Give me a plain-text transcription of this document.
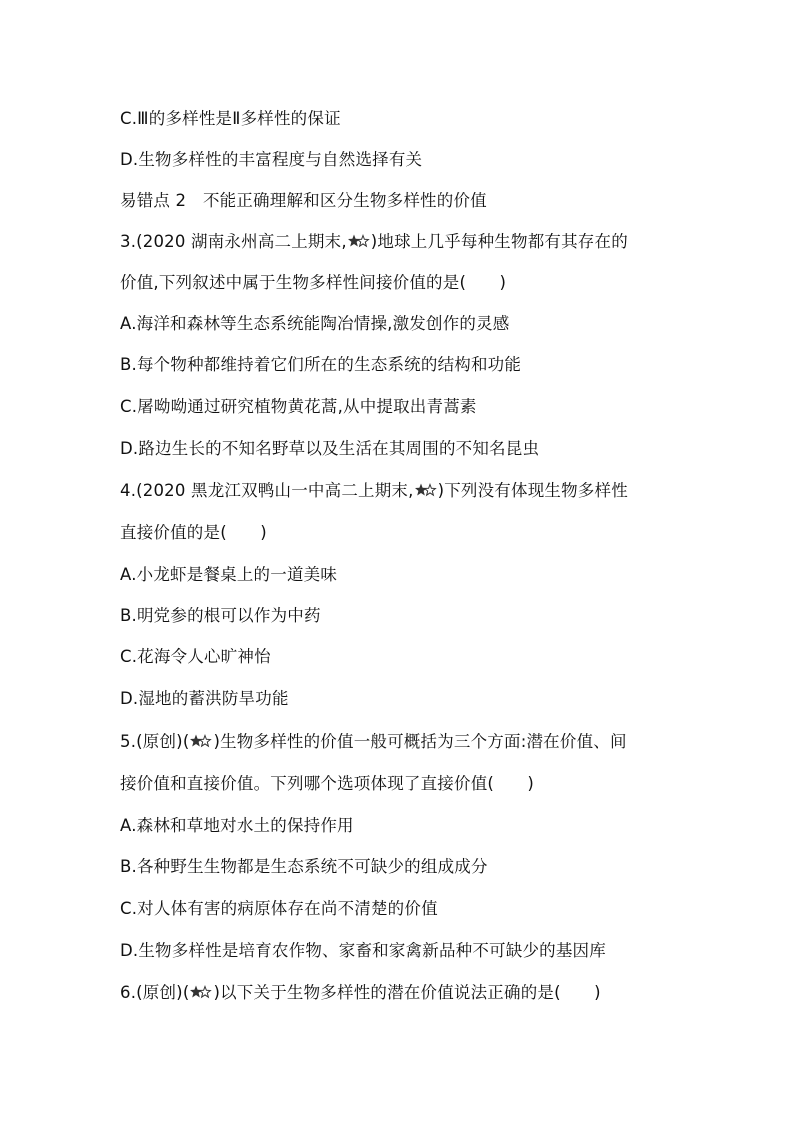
C.Ⅲ的多样性是Ⅱ多样性的保证
D.生物多样性的丰富程度与自然选择有关
易错点 2　不能正确理解和区分生物多样性的价值
3.(2020 湖南永州高二上期末, )地球上几乎每种生物都有其存在的
价值,下列叙述中属于生物多样性间接价值的是(　　)
A.海洋和森林等生态系统能陶冶情操,激发创作的灵感
B.每个物种都维持着它们所在的生态系统的结构和功能
C.屠呦呦通过研究植物黄花蒿,从中提取出青蒿素
D.路边生长的不知名野草以及生活在其周围的不知名昆虫
4.(2020 黑龙江双鸭山一中高二上期末, )下列没有体现生物多样性
直接价值的是(　　)
A.小龙虾是餐桌上的一道美味
B.明党参的根可以作为中药
C.花海令人心旷神怡
D.湿地的蓄洪防旱功能
5.(原创)( )生物多样性的价值一般可概括为三个方面:潜在价值、间
接价值和直接价值。下列哪个选项体现了直接价值(　　)
A.森林和草地对水土的保持作用
B.各种野生生物都是生态系统不可缺少的组成成分
C.对人体有害的病原体存在尚不清楚的价值
D.生物多样性是培育农作物、家畜和家禽新品种不可缺少的基因库
6.(原创)( )以下关于生物多样性的潜在价值说法正确的是(　　)
